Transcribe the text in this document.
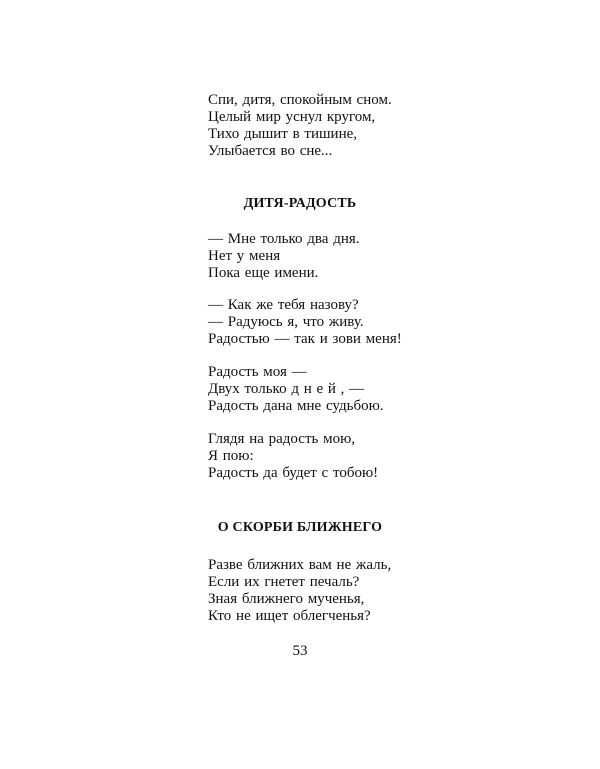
Спи, дитя, спокойным сном.
Целый мир уснул кругом,
Тихо дышит в тишине,
Улыбается во сне...
ДИТЯ-РАДОСТЬ
— Мне только два дня.
Нет у меня
Пока еще имени.
— Как же тебя назову?
— Радуюсь я, что живу.
Радостью — так и зови меня!
Радость моя —
Двух только д н е й , —
Радость дана мне судьбою.
Глядя на радость мою,
Я пою:
Радость да будет с тобою!
О СКОРБИ БЛИЖНЕГО
Разве ближних вам не жаль,
Если их гнетет печаль?
Зная ближнего мученья,
Кто не ищет облегченья?
53
